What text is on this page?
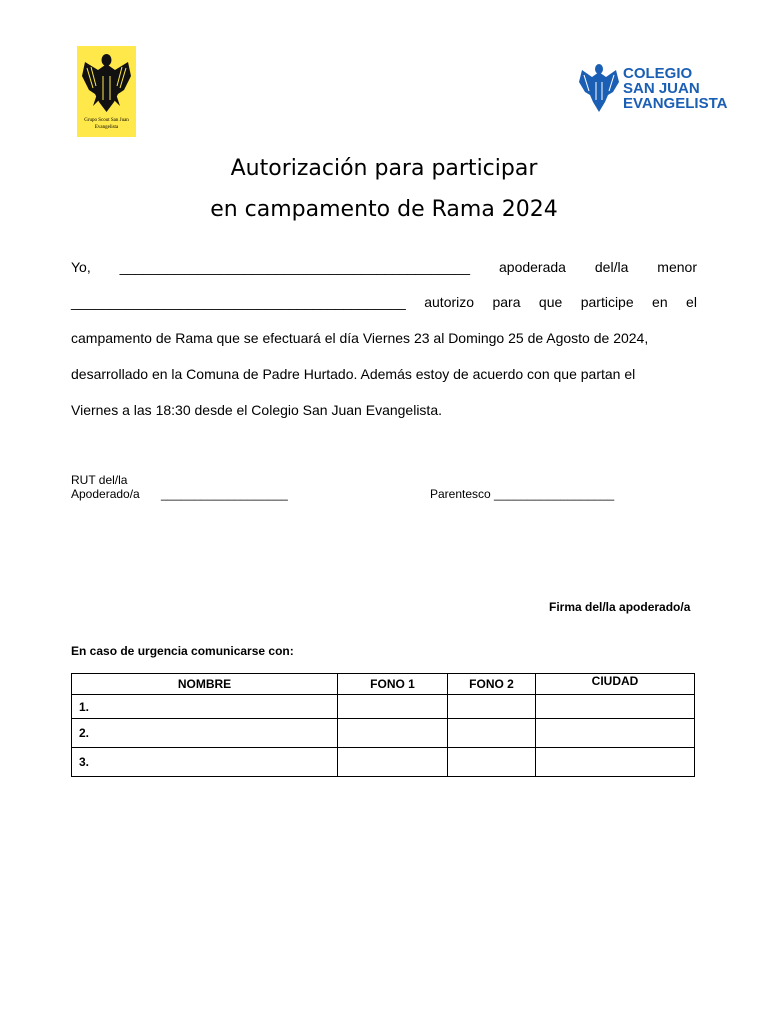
Grupo Scout San Juan
Evangelista
COLEGIO
SAN JUAN
EVANGELISTA
Autorización para participar
en campamento de Rama 2024
Yo, _____________________________________________ apoderada del/la menor
___________________________________________ autorizo para que participe en el
campamento de Rama que se efectuará el día Viernes 23 al Domingo 25 de Agosto de 2024,
desarrollado en la Comuna de Padre Hurtado. Además estoy de acuerdo con que partan el
Viernes a las 18:30 desde el Colegio San Juan Evangelista.
RUT del/la
Apoderado/a ___________________	Parentesco __________________
Firma del/la apoderado/a
En caso de urgencia comunicarse con:
NOMBRE	FONO 1	FONO 2	CIUDAD
1.			
2.			
3.			
